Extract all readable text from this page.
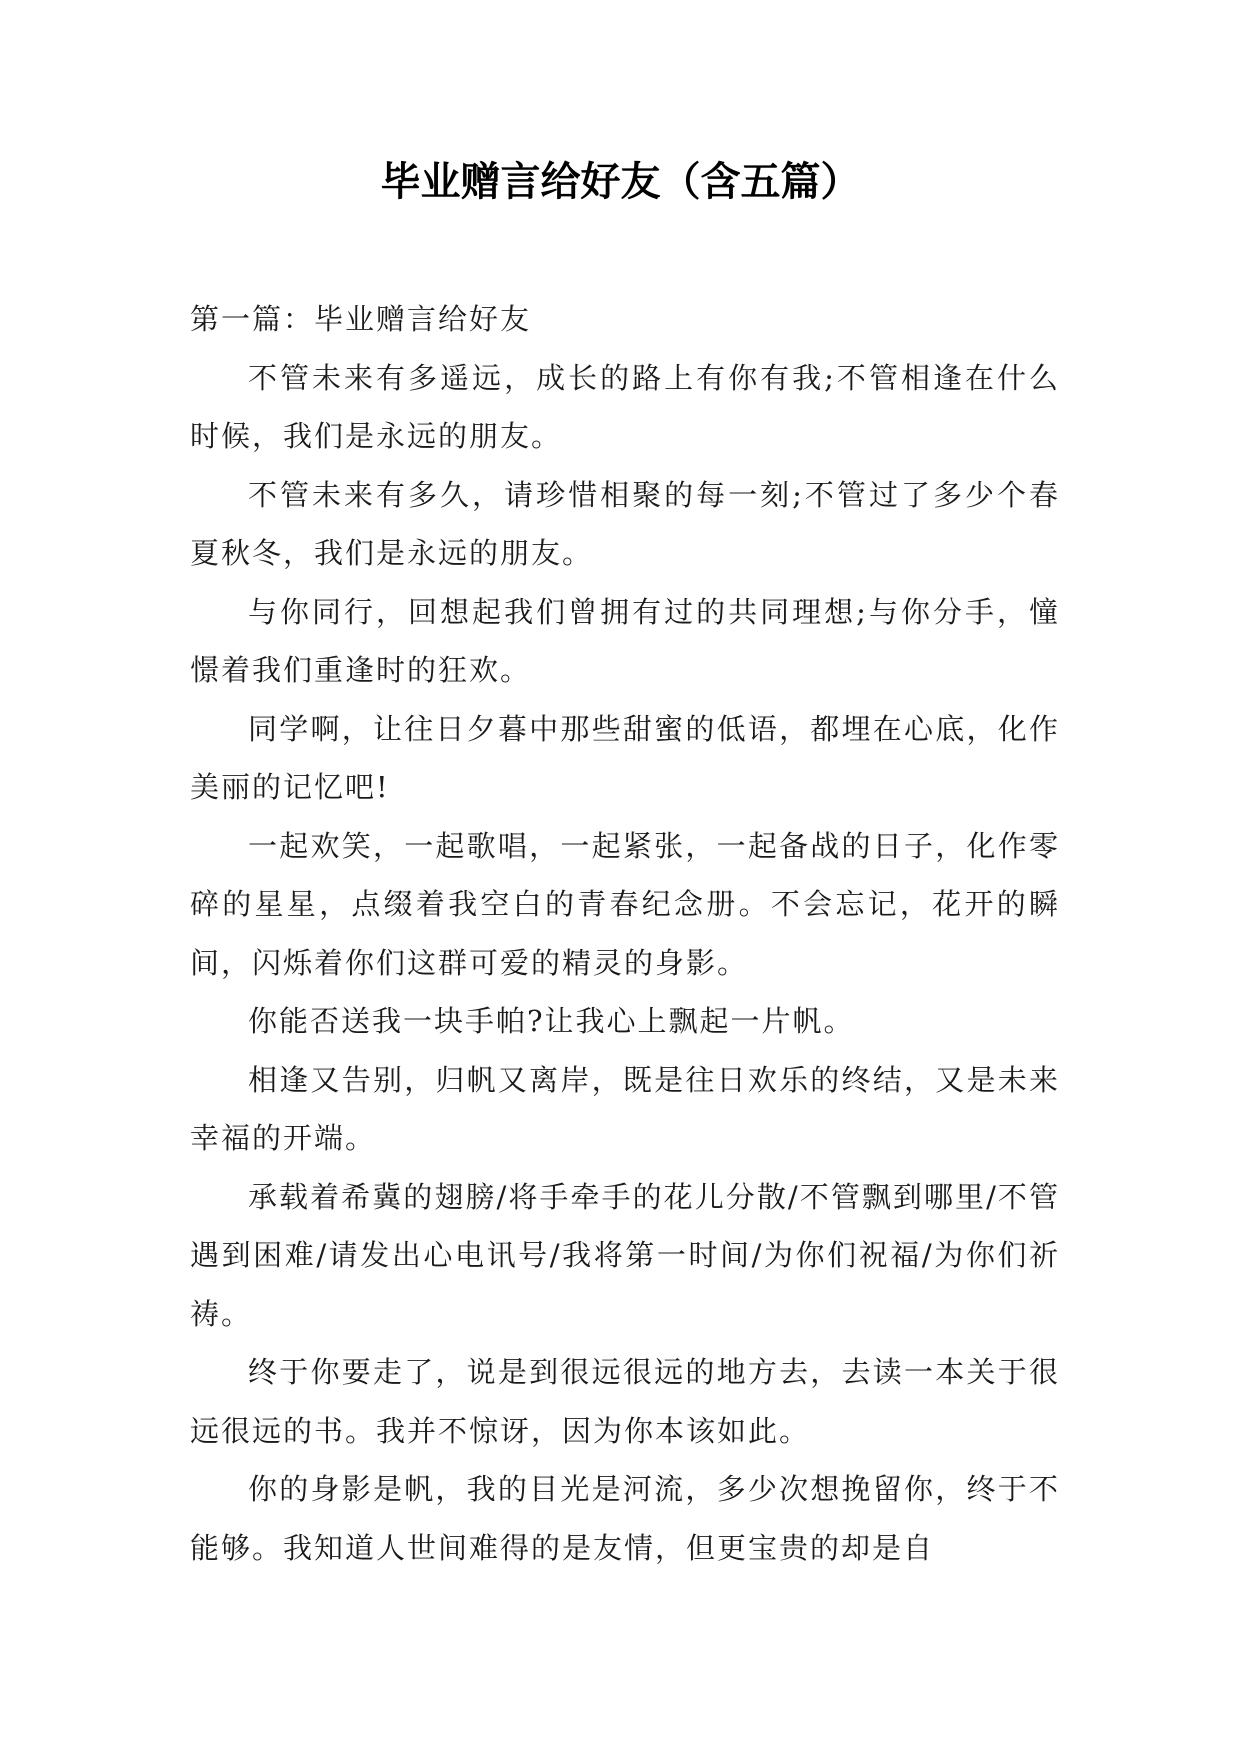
毕业赠言给好友（含五篇）
第一篇：毕业赠言给好友

不管未来有多遥远，成长的路上有你有我;不管相逢在什么时候，我们是永远的朋友。

不管未来有多久，请珍惜相聚的每一刻;不管过了多少个春夏秋冬，我们是永远的朋友。

与你同行，回想起我们曾拥有过的共同理想;与你分手，憧憬着我们重逢时的狂欢。

同学啊，让往日夕暮中那些甜蜜的低语，都埋在心底，化作美丽的记忆吧!

一起欢笑，一起歌唱，一起紧张，一起备战的日子，化作零碎的星星，点缀着我空白的青春纪念册。不会忘记，花开的瞬间，闪烁着你们这群可爱的精灵的身影。

你能否送我一块手帕?让我心上飘起一片帆。

相逢又告别，归帆又离岸，既是往日欢乐的终结，又是未来幸福的开端。

承载着希冀的翅膀/将手牵手的花儿分散/不管飘到哪里/不管遇到困难/请发出心电讯号/我将第一时间/为你们祝福/为你们祈祷。

终于你要走了，说是到很远很远的地方去，去读一本关于很远很远的书。我并不惊讶，因为你本该如此。

你的身影是帆，我的目光是河流，多少次想挽留你，终于不能够。我知道人世间难得的是友情，但更宝贵的却是自
